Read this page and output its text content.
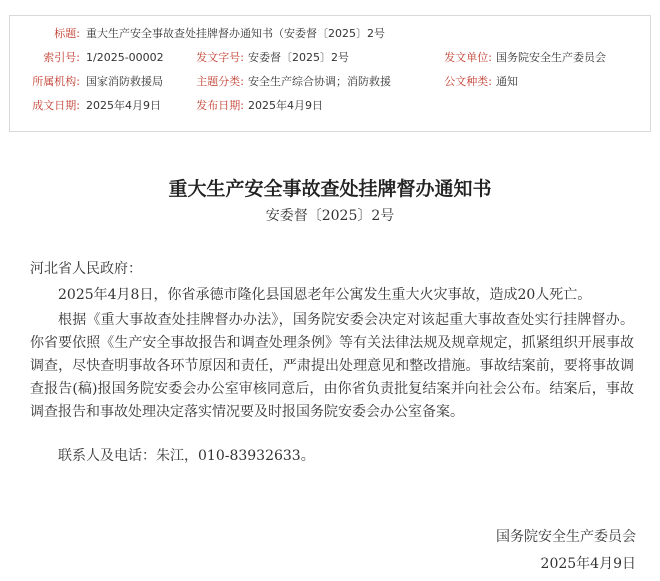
标题: 重大生产安全事故查处挂牌督办通知书（安委督〔2025〕2号
索引号: 1/2025-00002	发文字号: 安委督〔2025〕2号	发文单位: 国务院安全生产委员会
所属机构: 国家消防救援局	主题分类: 安全生产综合协调；消防救援	公文种类: 通知
成文日期: 2025年4月9日	发布日期: 2025年4月9日
重大生产安全事故查处挂牌督办通知书
安委督〔2025〕2号
河北省人民政府：
2025年4月8日，你省承德市隆化县国恩老年公寓发生重大火灾事故，造成20人死亡。
根据《重大事故查处挂牌督办办法》，国务院安委会决定对该起重大事故查处实行挂牌督办。你省要依照《生产安全事故报告和调查处理条例》等有关法律法规及规章规定，抓紧组织开展事故调查，尽快查明事故各环节原因和责任，严肃提出处理意见和整改措施。事故结案前，要将事故调查报告(稿)报国务院安委会办公室审核同意后，由你省负责批复结案并向社会公布。结案后，事故调查报告和事故处理决定落实情况要及时报国务院安委会办公室备案。
联系人及电话：朱江，010-83932633。
国务院安全生产委员会
2025年4月9日
